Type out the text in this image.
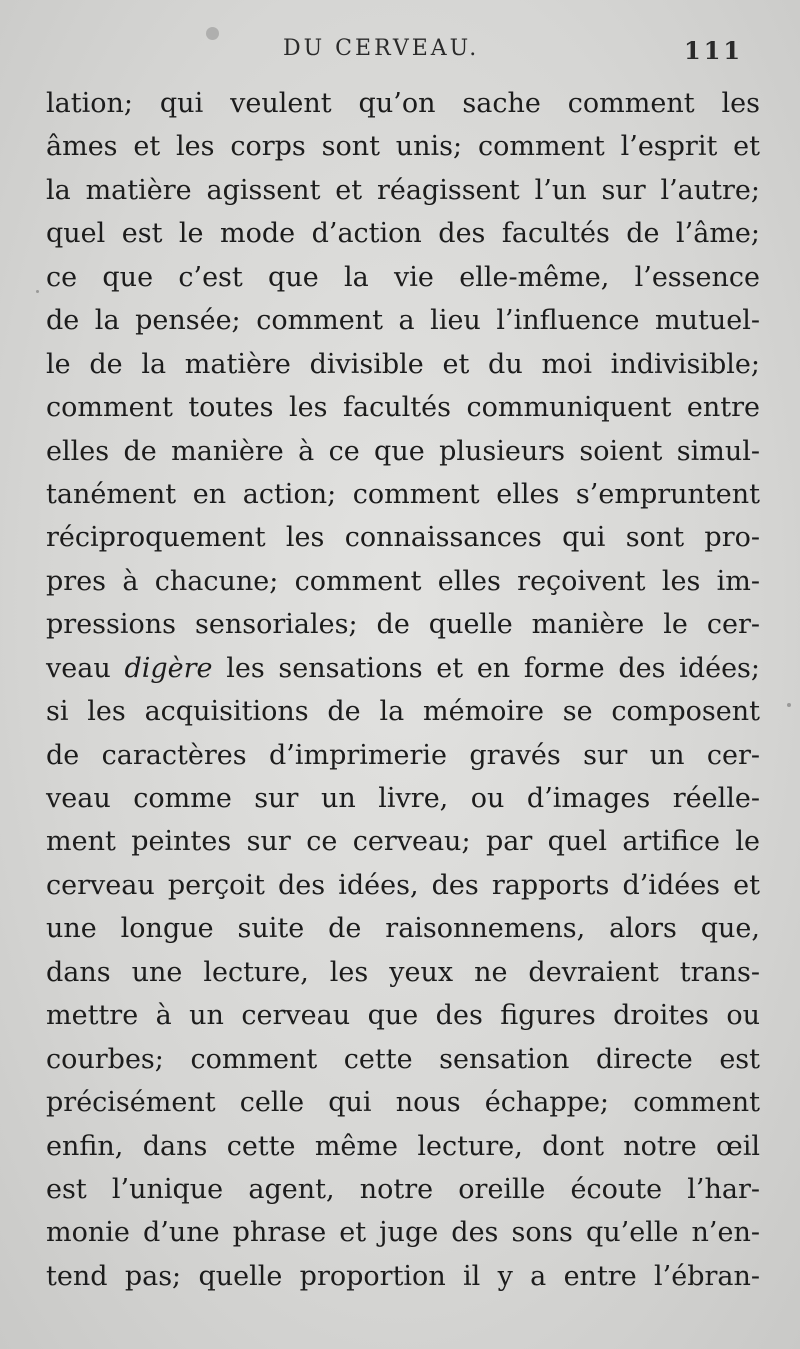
DU CERVEAU.	111
lation; qui veulent qu’on sache comment les
âmes et les corps sont unis; comment l’esprit et
la matière agissent et réagissent l’un sur l’autre;
quel est le mode d’action des facultés de l’âme;
ce que c’est que la vie elle-même, l’essence
de la pensée; comment a lieu l’influence mutuel-
le de la matière divisible et du moi indivisible;
comment toutes les facultés communiquent entre
elles de manière à ce que plusieurs soient simul-
tanément en action; comment elles s’empruntent
réciproquement les connaissances qui sont pro-
pres à chacune; comment elles reçoivent les im-
pressions sensoriales; de quelle manière le cer-
veau digère les sensations et en forme des idées;
si les acquisitions de la mémoire se composent
de caractères d’imprimerie gravés sur un cer-
veau comme sur un livre, ou d’images réelle-
ment peintes sur ce cerveau; par quel artifice le
cerveau perçoit des idées, des rapports d’idées et
une longue suite de raisonnemens, alors que,
dans une lecture, les yeux ne devraient trans-
mettre à un cerveau que des figures droites ou
courbes; comment cette sensation directe est
précisément celle qui nous échappe; comment
enfin, dans cette même lecture, dont notre œil
est l’unique agent, notre oreille écoute l’har-
monie d’une phrase et juge des sons qu’elle n’en-
tend pas; quelle proportion il y a entre l’ébran-
